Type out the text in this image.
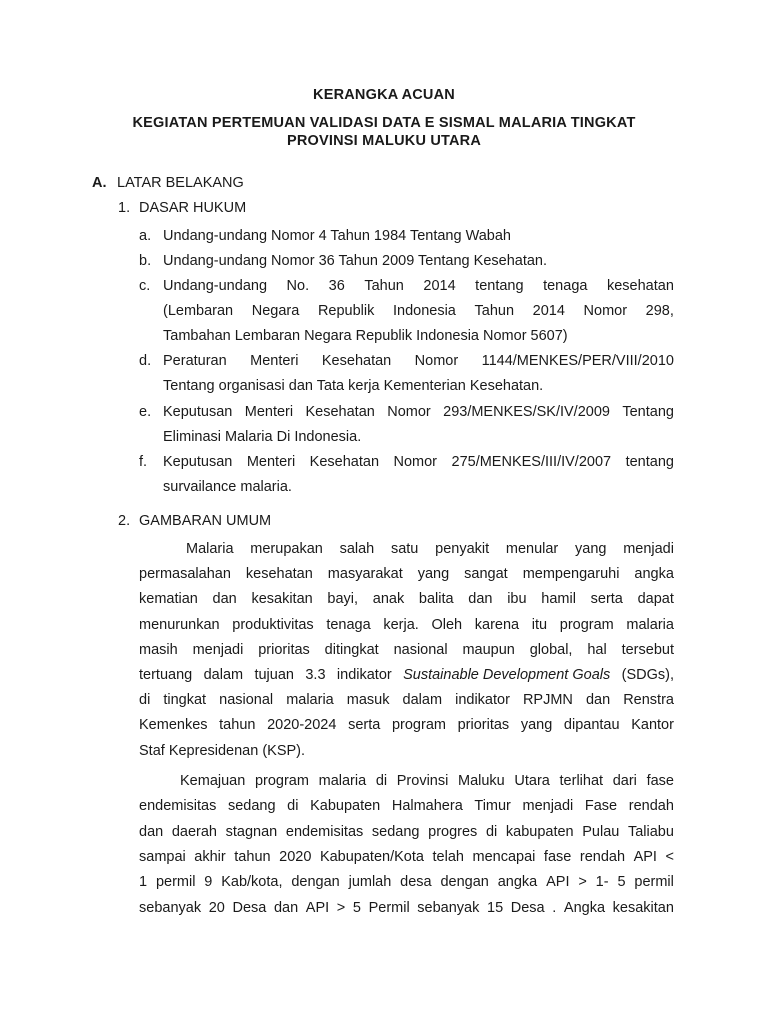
KERANGKA ACUAN
KEGIATAN PERTEMUAN VALIDASI DATA E SISMAL MALARIA TINGKAT
PROVINSI MALUKU UTARA
A. LATAR BELAKANG
1. DASAR HUKUM
a. Undang-undang Nomor 4 Tahun 1984 Tentang Wabah
b. Undang-undang Nomor 36 Tahun 2009 Tentang Kesehatan.
c. Undang-undang No. 36 Tahun 2014 tentang tenaga kesehatan
(Lembaran Negara Republik Indonesia Tahun 2014 Nomor 298,
Tambahan Lembaran Negara Republik Indonesia Nomor 5607)
d. Peraturan Menteri Kesehatan Nomor 1144/MENKES/PER/VIII/2010
Tentang organisasi dan Tata kerja Kementerian Kesehatan.
e. Keputusan Menteri Kesehatan Nomor 293/MENKES/SK/IV/2009 Tentang
Eliminasi Malaria Di Indonesia.
f. Keputusan Menteri Kesehatan Nomor 275/MENKES/III/IV/2007 tentang
survailance malaria.
2. GAMBARAN UMUM
Malaria merupakan salah satu penyakit menular yang menjadi
permasalahan kesehatan masyarakat yang sangat mempengaruhi angka
kematian dan kesakitan bayi, anak balita dan ibu hamil serta dapat
menurunkan produktivitas tenaga kerja. Oleh karena itu program malaria
masih menjadi prioritas ditingkat nasional maupun global, hal tersebut
tertuang dalam tujuan 3.3 indikator Sustainable Development Goals (SDGs),
di tingkat nasional malaria masuk dalam indikator RPJMN dan Renstra
Kemenkes tahun 2020-2024 serta program prioritas yang dipantau Kantor
Staf Kepresidenan (KSP).
Kemajuan program malaria di Provinsi Maluku Utara terlihat dari fase
endemisitas sedang di Kabupaten Halmahera Timur menjadi Fase rendah
dan daerah stagnan endemisitas sedang progres di kabupaten Pulau Taliabu
sampai akhir tahun 2020 Kabupaten/Kota telah mencapai fase rendah API <
1 permil 9 Kab/kota, dengan jumlah desa dengan angka API > 1- 5 permil
sebanyak 20 Desa dan API > 5 Permil sebanyak 15 Desa . Angka kesakitan
